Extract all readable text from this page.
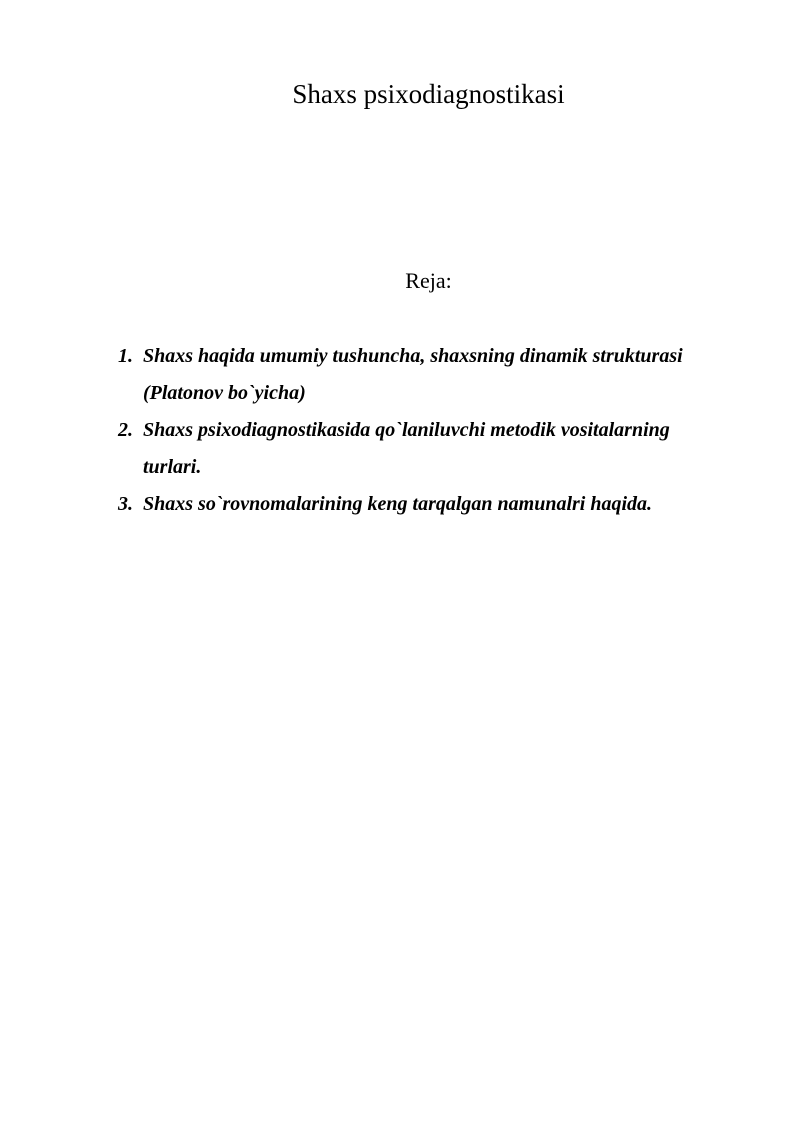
Shaxs psixodiagnostikasi
Reja:
1. Shaxs haqida umumiy tushuncha, shaxsning dinamik strukturasi (Platonov bo`yicha)
2. Shaxs psixodiagnostikasida qo`laniluvchi metodik vositalarning turlari.
3. Shaxs so`rovnomalarining keng tarqalgan namunalri haqida.
